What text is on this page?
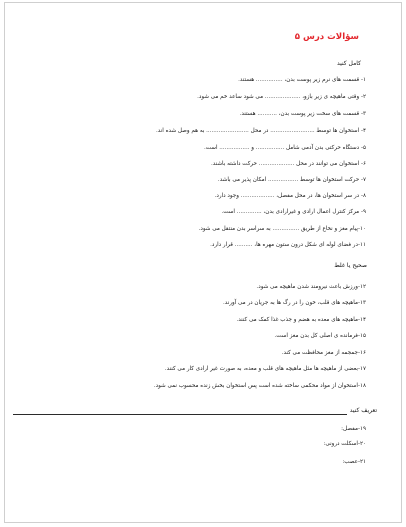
سؤالات درس ۵
کامل کنید
۱- قسمت های نرم زیر پوست بدن، ............... هستند.
۲- وقتی ماهیچه ی زیر بازو، .................... می شود ساعد خم می شود.
۳- قسمت های سخت زیر پوست بدن، ........... هستند.
۴- استخوان ها توسط ......................... در محل ........................ به هم وصل شده اند.
۵- دستگاه حرکتی بدن آدمی شامل ................ و ................. است.
۶- استخوان می توانند در محل .................... حرکت داشته باشند.
۷- حرکت استخوان ها توسط ................. امکان پذیر می باشد.
۸- در سر استخوان ها، در محل مفصل، ................... وجود دارد.
۹- مرکز کنترل اعمال ارادی و غیرارادی بدن، .............. است.
۱۰-پیام مغز و نخاع از طریق ............... به سراسر بدن منتقل می شود.
۱۱-در فضای لوله ای شکل درون ستون مهره ها، .......... قرار دارد.
صحیح یا غلط
۱۲-ورزش باعث نیرومند شدن ماهیچه می شود.
۱۳-ماهیچه های قلب، خون را در رگ ها به جریان در می آورند.
۱۴-ماهیچه های معده به هضم و جذب غذا کمک می کنند.
۱۵-فرمانده ی اصلی کل بدن مغز است.
۱۶-جمجمه از مغز محافظت می کند.
۱۷-بعضی از ماهیچه ها مثل ماهیچه های قلب و معده، به صورت غیر ارادی کار می کنند.
۱۸-استخوان از مواد محکمی ساخته شده است پس استخوان بخش زنده محسوب نمی شود.
تعریف کنید
۱۹-مفصل:
۲۰-اسکلت درونی:
۲۱-عصب:
